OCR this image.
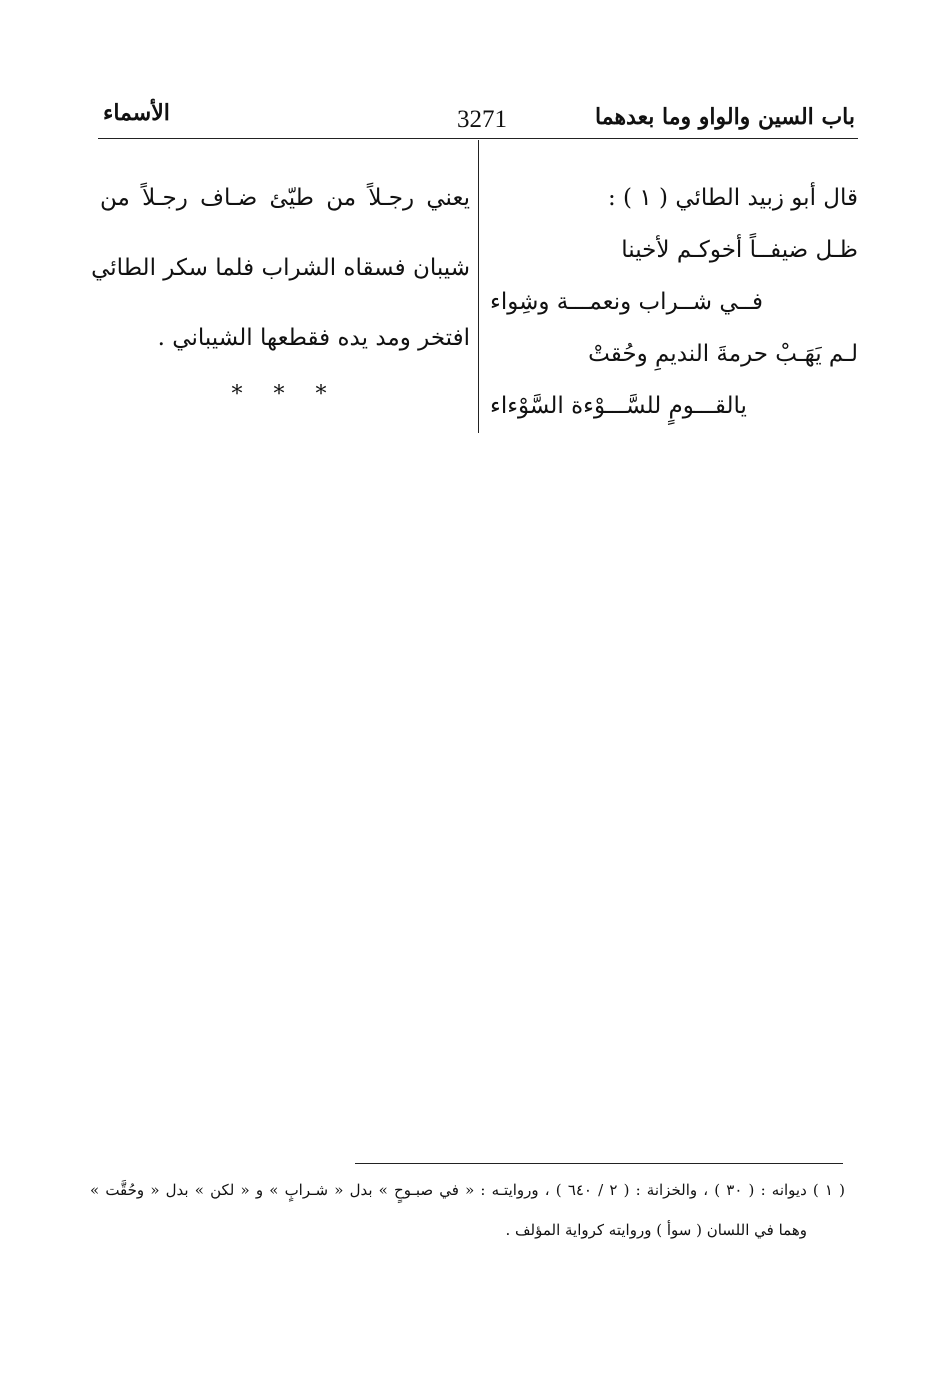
باب السين والواو وما بعدهما
3271
الأسماء
قال أبو زبيد الطائي ( ١ ) :
ظـل ضيفــاً أخوكـم لأخينا
فــي شــراب ونعمـــة وشِواء
لـم يَهَـبْ حرمةَ النديمِ وحُقتْ
يالقـــومٍ للسَّـــوْءة السَّوْءاء
يعني رجـلاً من طيّئ ضـاف رجـلاً من
شيبان فسقاه الشراب فلما سكر الطائي
افتخر ومد يده فقطعها الشيباني .
* * *
( ١ ) ديوانه : ( ٣٠ ) ، والخزانة : ( ٢ / ٦٤٠ ) ، وروايتـه : « في صبـوحٍ » بدل « شـرابٍ » و « لكن » بدل « وحُقَّت »
وهما في اللسان ( سوأ ) وروايته كرواية المؤلف .
